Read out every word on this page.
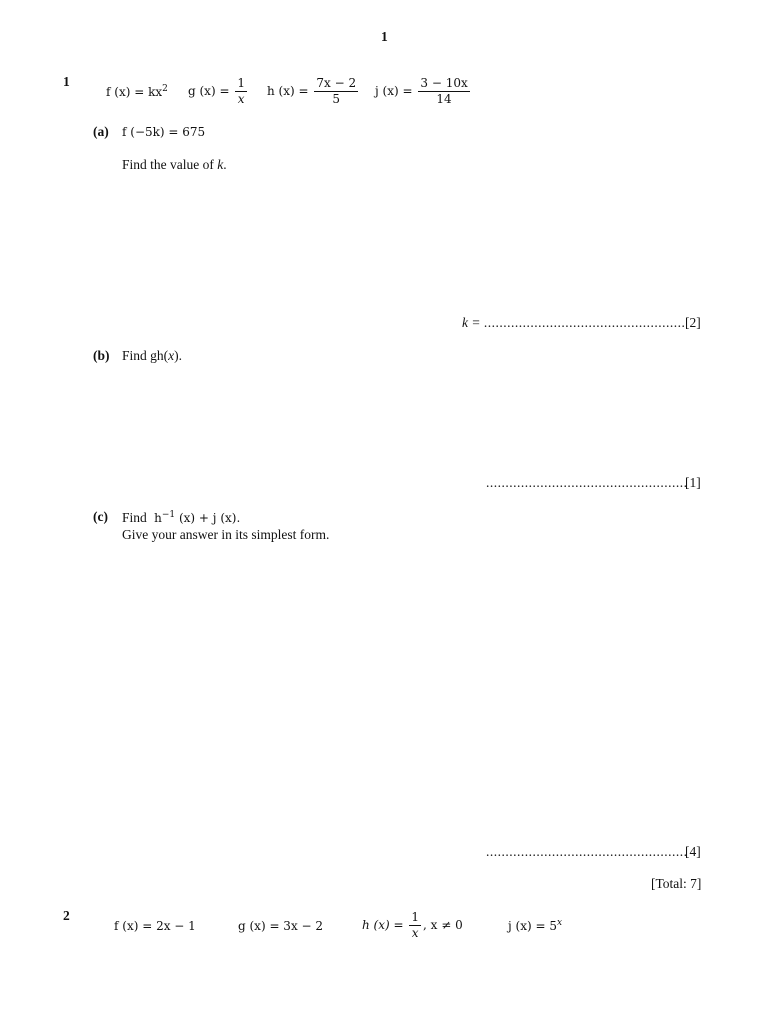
1
1
f $(x) = kx^2$ g $(x) = \frac{1}{x}$ h $(x) = \frac{7x - 2}{5}$ j $(x) = \frac{3 - 10x}{14}$
(a) f (−5k) = 675
Find the value of k.
k = .................................................... [2]
(b) Find gh(x).
....................................................
[1]
(c) Find $h^{-1}$ (x) + j (x).
Give your answer in its simplest form.
....................................................
[4]
[Total: 7]
2
f (x) = 2x − 1	g (x) = 3x − 2	h $(x) = \frac{1}{x}$ , x ≠ 0	j $(x) = 5^x$
